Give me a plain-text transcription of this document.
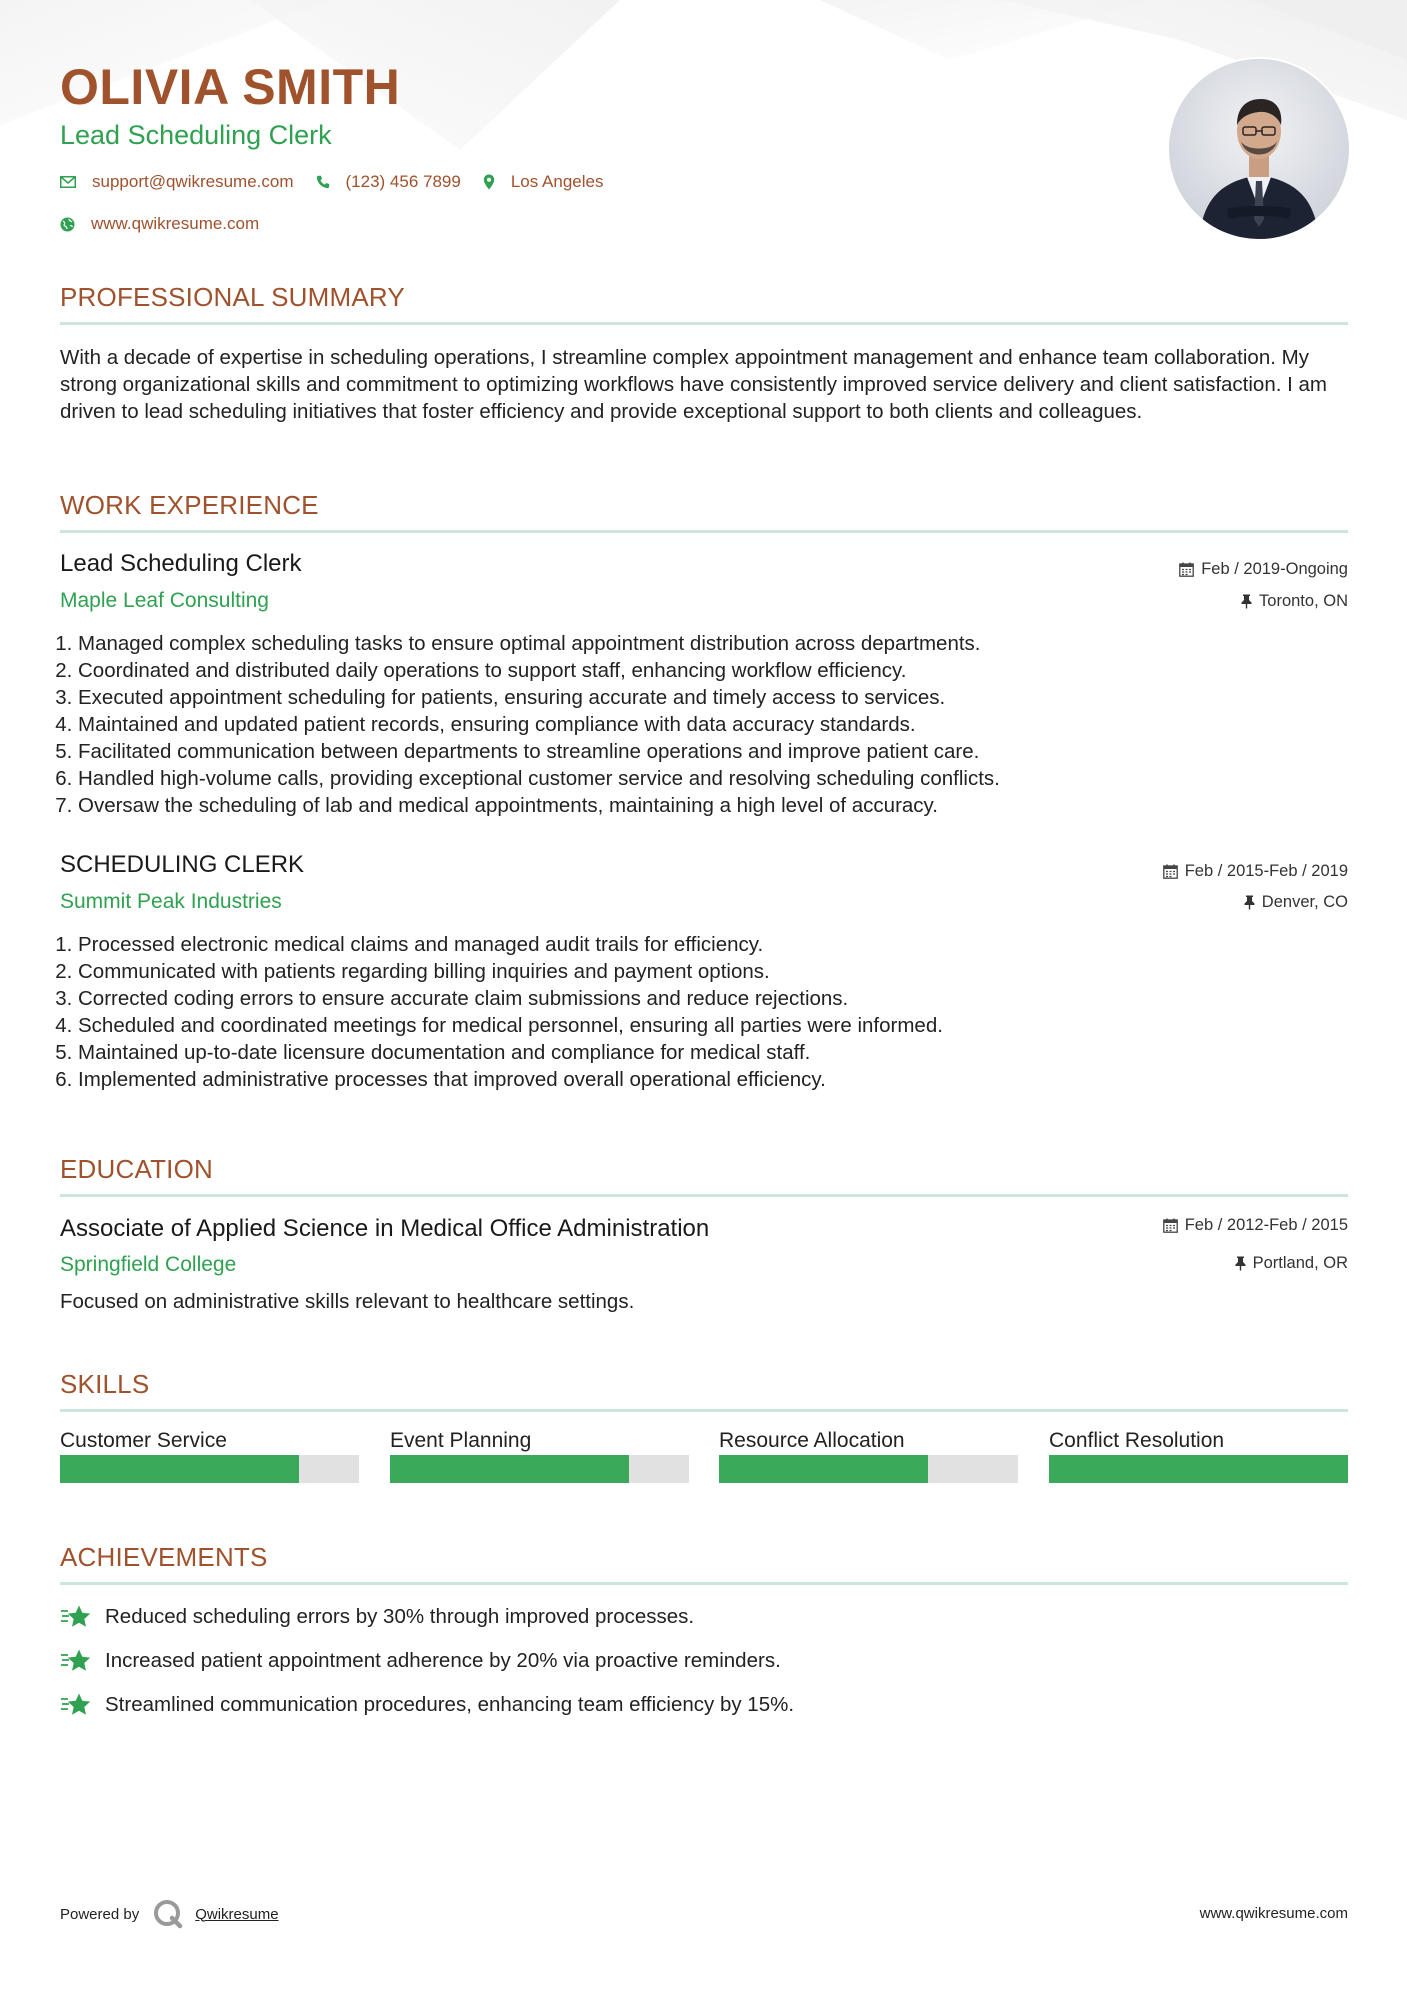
OLIVIA SMITH
Lead Scheduling Clerk
support@qwikresume.com	(123) 456 7899	Los Angeles
www.qwikresume.com
PROFESSIONAL SUMMARY
With a decade of expertise in scheduling operations, I streamline complex appointment management and enhance team collaboration. My strong organizational skills and commitment to optimizing workflows have consistently improved service delivery and client satisfaction. I am driven to lead scheduling initiatives that foster efficiency and provide exceptional support to both clients and colleagues.
WORK EXPERIENCE
Lead Scheduling Clerk
Maple Leaf Consulting
Feb / 2019-Ongoing
Toronto, ON
1. Managed complex scheduling tasks to ensure optimal appointment distribution across departments.
2. Coordinated and distributed daily operations to support staff, enhancing workflow efficiency.
3. Executed appointment scheduling for patients, ensuring accurate and timely access to services.
4. Maintained and updated patient records, ensuring compliance with data accuracy standards.
5. Facilitated communication between departments to streamline operations and improve patient care.
6. Handled high-volume calls, providing exceptional customer service and resolving scheduling conflicts.
7. Oversaw the scheduling of lab and medical appointments, maintaining a high level of accuracy.
SCHEDULING CLERK
Summit Peak Industries
Feb / 2015-Feb / 2019
Denver, CO
1. Processed electronic medical claims and managed audit trails for efficiency.
2. Communicated with patients regarding billing inquiries and payment options.
3. Corrected coding errors to ensure accurate claim submissions and reduce rejections.
4. Scheduled and coordinated meetings for medical personnel, ensuring all parties were informed.
5. Maintained up-to-date licensure documentation and compliance for medical staff.
6. Implemented administrative processes that improved overall operational efficiency.
EDUCATION
Associate of Applied Science in Medical Office Administration
Springfield College
Feb / 2012-Feb / 2015
Portland, OR
Focused on administrative skills relevant to healthcare settings.
SKILLS
Customer Service	Event Planning	Resource Allocation	Conflict Resolution
ACHIEVEMENTS
Reduced scheduling errors by 30% through improved processes.
Increased patient appointment adherence by 20% via proactive reminders.
Streamlined communication procedures, enhancing team efficiency by 15%.
Powered by	Qwikresume	www.qwikresume.com
